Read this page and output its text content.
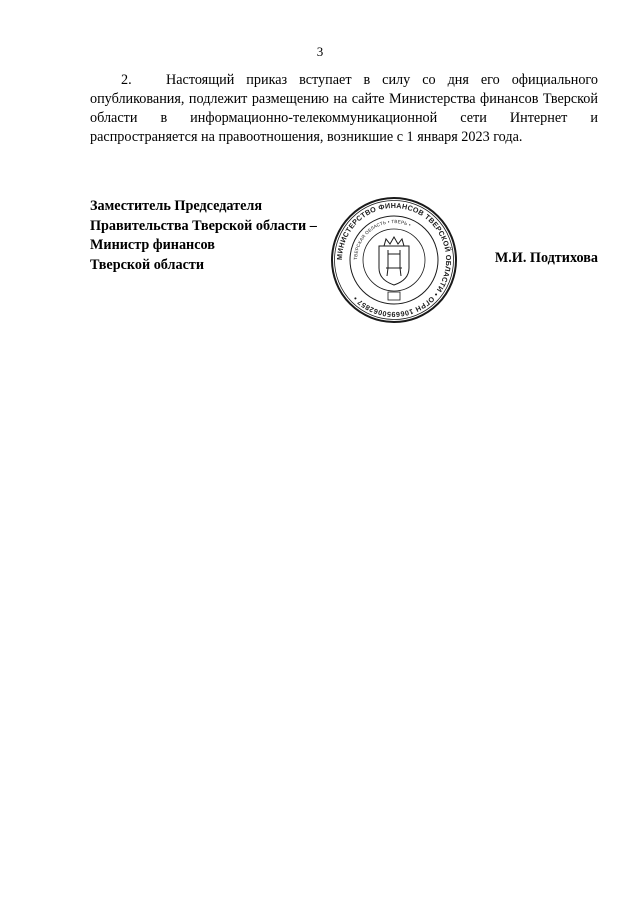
3
2. Настоящий приказ вступает в силу со дня его официального опубликования, подлежит размещению на сайте Министерства финансов Тверской области в информационно-телекоммуникационной сети Интернет и распространяется на правоотношения, возникшие с 1 января 2023 года.
Заместитель Председателя
Правительства Тверской области –
Министр финансов
Тверской области	М.И. Подтихова
МИНИСТЕРСТВО ФИНАНСОВ ТВЕРСКОЙ ОБЛАСТИ • ОГРН 1066950062857 •
ТВЕРСКАЯ ОБЛАСТЬ • ТВЕРЬ •
